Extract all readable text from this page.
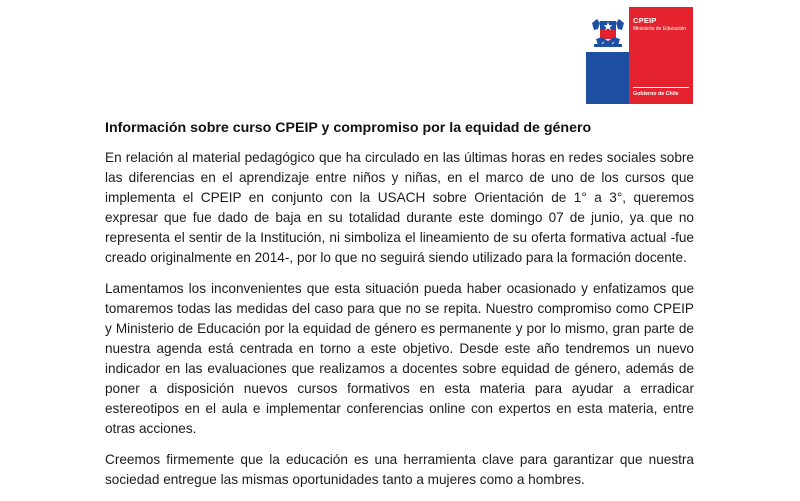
CPEIP
Ministerio de Educación
Gobierno de Chile
Información sobre curso CPEIP y compromiso por la equidad de género

En relación al material pedagógico que ha circulado en las últimas horas en redes sociales sobre las diferencias en el aprendizaje entre niños y niñas, en el marco de uno de los cursos que implementa el CPEIP en conjunto con la USACH sobre Orientación de 1° a 3°, queremos expresar que fue dado de baja en su totalidad durante este domingo 07 de junio, ya que no representa el sentir de la Institución, ni simboliza el lineamiento de su oferta formativa actual -fue creado originalmente en 2014-, por lo que no seguirá siendo utilizado para la formación docente.

Lamentamos los inconvenientes que esta situación pueda haber ocasionado y enfatizamos que tomaremos todas las medidas del caso para que no se repita. Nuestro compromiso como CPEIP y Ministerio de Educación por la equidad de género es permanente y por lo mismo, gran parte de nuestra agenda está centrada en torno a este objetivo. Desde este año tendremos un nuevo indicador en las evaluaciones que realizamos a docentes sobre equidad de género, además de poner a disposición nuevos cursos formativos en esta materia para ayudar a erradicar estereotipos en el aula e implementar conferencias online con expertos en esta materia, entre otras acciones.

Creemos firmemente que la educación es una herramienta clave para garantizar que nuestra sociedad entregue las mismas oportunidades tanto a mujeres como a hombres.
